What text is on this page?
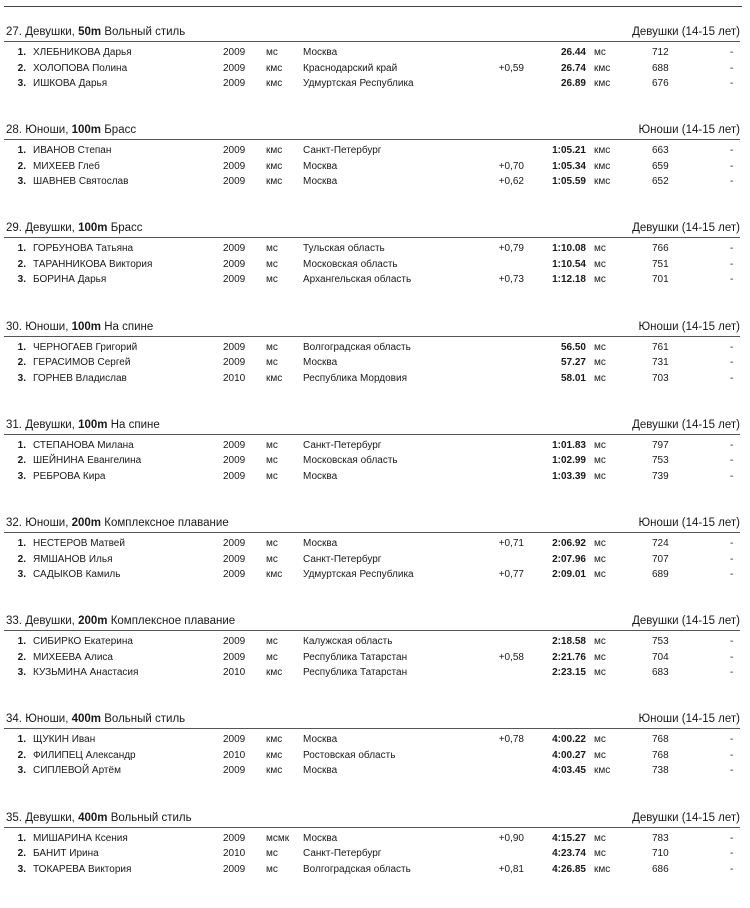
27. Девушки, 50m Вольный стиль	Девушки (14-15 лет)
1. ХЛЕБНИКОВА Дарья	2009 мс	Москва	26.44 мс	712	-
2. ХОЛОПОВА Полина	2009 кмс Краснодарский край	+0,59	26.74 кмс	688	-
3. ИШКОВА Дарья	2009 кмс Удмуртская Республика	26.89 кмс	676	-
28. Юноши, 100m Брасс	Юноши (14-15 лет)
1. ИВАНОВ Степан	2009 кмс Санкт-Петербург	1:05.21 кмс	663	-
2. МИХЕЕВ Глеб	2009 кмс Москва	+0,70	1:05.34 кмс	659	-
3. ШАВНЕВ Святослав	2009 кмс Москва	+0,62	1:05.59 кмс	652	-
29. Девушки, 100m Брасс	Девушки (14-15 лет)
1. ГОРБУНОВА Татьяна	2009 мс	Тульская область	+0,79	1:10.08 мс	766	-
2. ТАРАННИКОВА Виктория	2009 мс	Московская область	1:10.54 мс	751	-
3. БОРИНА Дарья	2009 мс	Архангельская область	+0,73	1:12.18 мс	701	-
30. Юноши, 100m На спине	Юноши (14-15 лет)
1. ЧЕРНОГАЕВ Григорий	2009 мс	Волгоградская область	56.50 мс	761	-
2. ГЕРАСИМОВ Сергей	2009 мс	Москва	57.27 мс	731	-
3. ГОРНЕВ Владислав	2010 кмс Республика Мордовия	58.01 мс	703	-
31. Девушки, 100m На спине	Девушки (14-15 лет)
1. СТЕПАНОВА Милана	2009 мс	Санкт-Петербург	1:01.83 мс	797	-
2. ШЕЙНИНА Евангелина	2009 мс	Московская область	1:02.99 мс	753	-
3. РЕБРОВА Кира	2009 мс	Москва	1:03.39 мс	739	-
32. Юноши, 200m Комплексное плавание	Юноши (14-15 лет)
1. НЕСТЕРОВ Матвей	2009 мс	Москва	+0,71	2:06.92 мс	724	-
2. ЯМШАНОВ Илья	2009 мс	Санкт-Петербург	2:07.96 мс	707	-
3. САДЫКОВ Камиль	2009 кмс Удмуртская Республика	+0,77	2:09.01 мс	689	-
33. Девушки, 200m Комплексное плавание	Девушки (14-15 лет)
1. СИБИРКО Екатерина	2009 мс	Калужская область	2:18.58 мс	753	-
2. МИХЕЕВА Алиса	2009 мс	Республика Татарстан	+0,58	2:21.76 мс	704	-
3. КУЗЬМИНА Анастасия	2010 кмс Республика Татарстан	2:23.15 мс	683	-
34. Юноши, 400m Вольный стиль	Юноши (14-15 лет)
1. ЩУКИН Иван	2009 кмс Москва	+0,78	4:00.22 мс	768	-
2. ФИЛИПЕЦ Александр	2010 кмс Ростовская область	4:00.27 мс	768	-
3. СИПЛЕВОЙ Артём	2009 кмс Москва	4:03.45 кмс	738	-
35. Девушки, 400m Вольный стиль	Девушки (14-15 лет)
1. МИШАРИНА Ксения	2009 мсмк Москва	+0,90	4:15.27 мс	783	-
2. БАНИТ Ирина	2010 мс	Санкт-Петербург	4:23.74 мс	710	-
3. ТОКАРЕВА Виктория	2009 мс	Волгоградская область	+0,81	4:26.85 кмс	686	-
